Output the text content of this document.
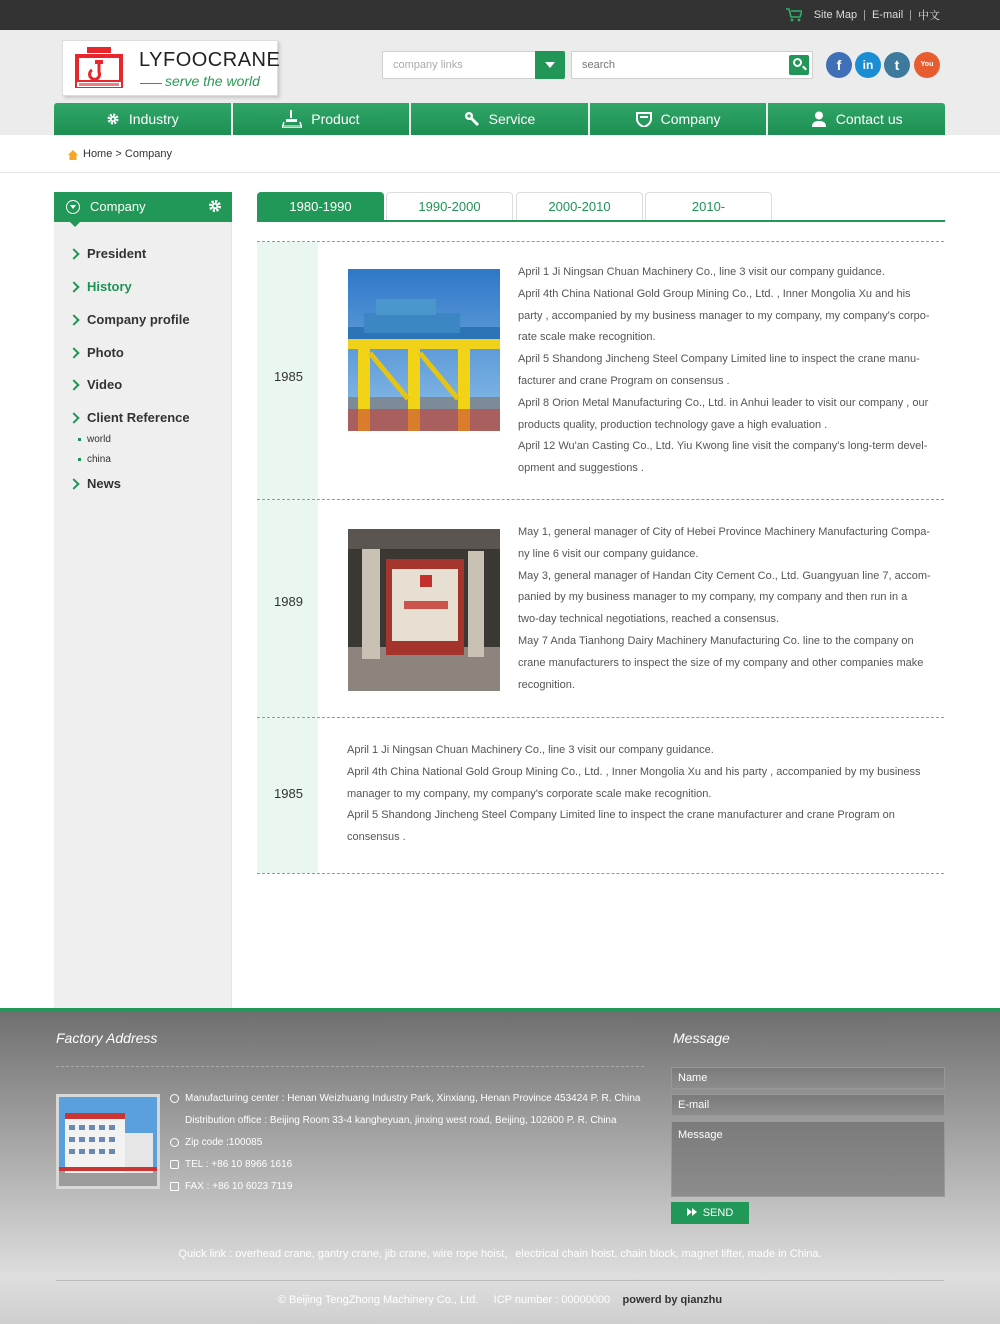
Site Map | E-mail | 中文
LYFOOCRANE
serve the world
company links
search	f	in	t	You
Industry	Product	Service	Company	Contact us
Home > Company
Company
President
History
Company profile
Photo
Video
Client Reference
world
china
News
1980-1990	1990-2000	2000-2010	2010-
1985

April 1 Ji Ningsan Chuan Machinery Co., line 3 visit our company guidance.

April 4th China National Gold Group Mining Co., Ltd. , Inner Mongolia Xu and his

party , accompanied by my business manager to my company, my company's corpo-

rate scale make recognition.

April 5 Shandong Jincheng Steel Company Limited line to inspect the crane manu-

facturer and crane Program on consensus .

April 8 Orion Metal Manufacturing Co., Ltd. in Anhui leader to visit our company , our

products quality, production technology gave a high evaluation .

April 12 Wu'an Casting Co., Ltd. Yiu Kwong line visit the company's long-term devel-

opment and suggestions .

1989

May 1, general manager of City of Hebei Province Machinery Manufacturing Compa-

ny line 6 visit our company guidance.

May 3, general manager of Handan City Cement Co., Ltd. Guangyuan line 7, accom-

panied by my business manager to my company, my company and then run in a

two-day technical negotiations, reached a consensus.

May 7 Anda Tianhong Dairy Machinery Manufacturing Co. line to the company on

crane manufacturers to inspect the size of my company and other companies make

recognition.

1985

April 1 Ji Ningsan Chuan Machinery Co., line 3 visit our company guidance.

April 4th China National Gold Group Mining Co., Ltd. , Inner Mongolia Xu and his party , accompanied by my business

manager to my company, my company's corporate scale make recognition.

April 5 Shandong Jincheng Steel Company Limited line to inspect the crane manufacturer and crane Program on

consensus .

Factory Address	Message
Manufacturing center : Henan Weizhuang Industry Park, Xinxiang, Henan Province 453424 P. R. China
Distribution office : Beijing Room 33-4 kangheyuan, jinxing west road, Beijing, 102600 P. R. China
Zip code :100085
TEL : +86 10 8966 1616
FAX : +86 10 6023 7119
Name
E-mail
Message
SEND
Quick link : overhead crane, gantry crane, jib crane, wire rope hoist，electrical chain hoist, chain block, magnet lifter, made in China.
© Beijing TengZhong Machinery Co., Ltd. ICP number : 00000000 powerd by qianzhu
